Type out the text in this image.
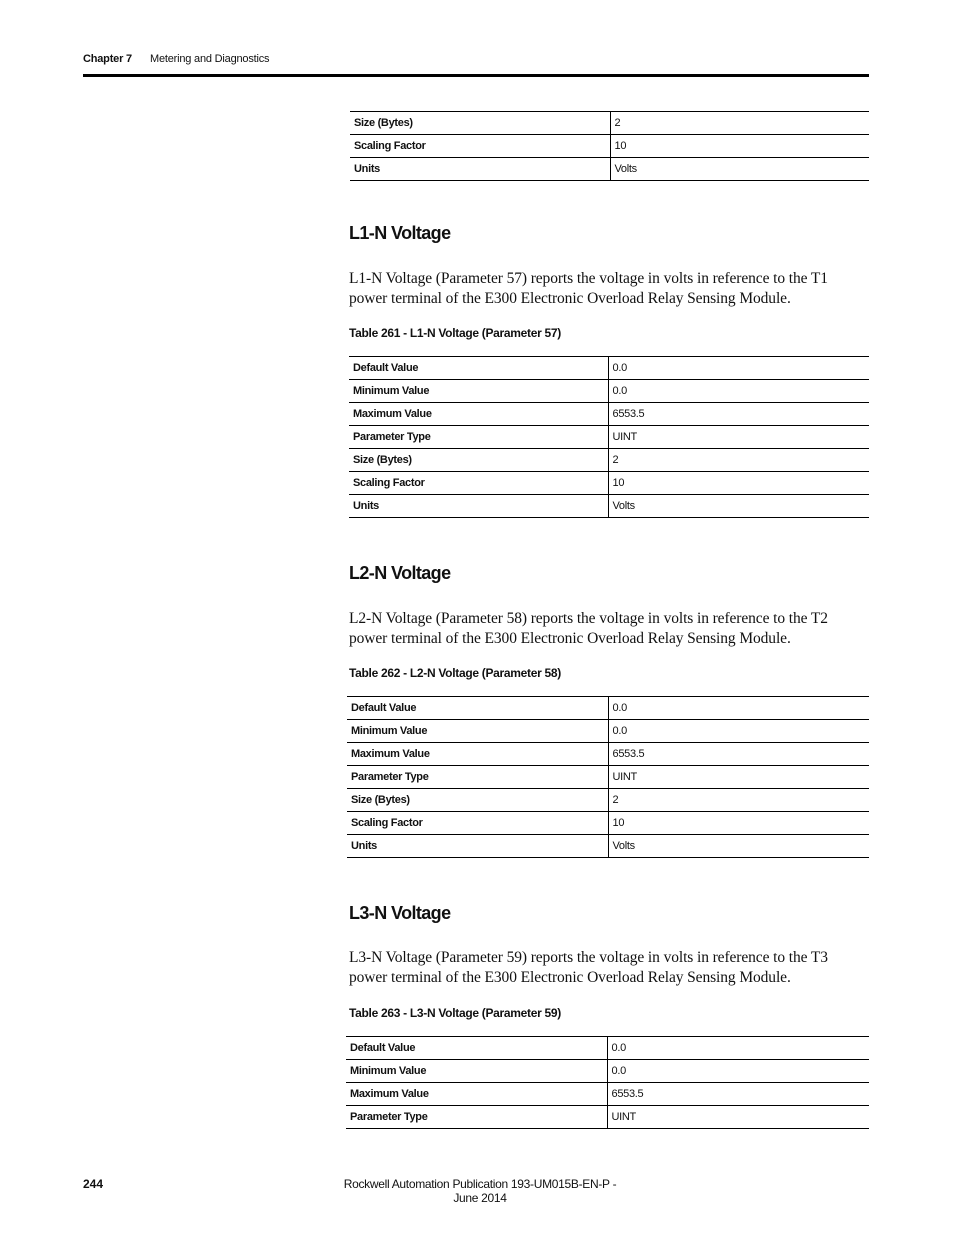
Chapter 7 Metering and Diagnostics
Size (Bytes)	2
Scaling Factor	10
Units	Volts
L1-N Voltage

L1-N Voltage (Parameter 57) reports the voltage in volts in reference to the T1 power terminal of the E300 Electronic Overload Relay Sensing Module.

Table 261 - L1-N Voltage (Parameter 57)
Default Value	0.0
Minimum Value	0.0
Maximum Value	6553.5
Parameter Type	UINT
Size (Bytes)	2
Scaling Factor	10
Units	Volts
L2-N Voltage

L2-N Voltage (Parameter 58) reports the voltage in volts in reference to the T2 power terminal of the E300 Electronic Overload Relay Sensing Module.

Table 262 - L2-N Voltage (Parameter 58)
Default Value	0.0
Minimum Value	0.0
Maximum Value	6553.5
Parameter Type	UINT
Size (Bytes)	2
Scaling Factor	10
Units	Volts
L3-N Voltage

L3-N Voltage (Parameter 59) reports the voltage in volts in reference to the T3 power terminal of the E300 Electronic Overload Relay Sensing Module.

Table 263 - L3-N Voltage (Parameter 59)
Default Value	0.0
Minimum Value	0.0
Maximum Value	6553.5
Parameter Type	UINT
244	Rockwell Automation Publication 193-UM015B-EN-P - June 2014
